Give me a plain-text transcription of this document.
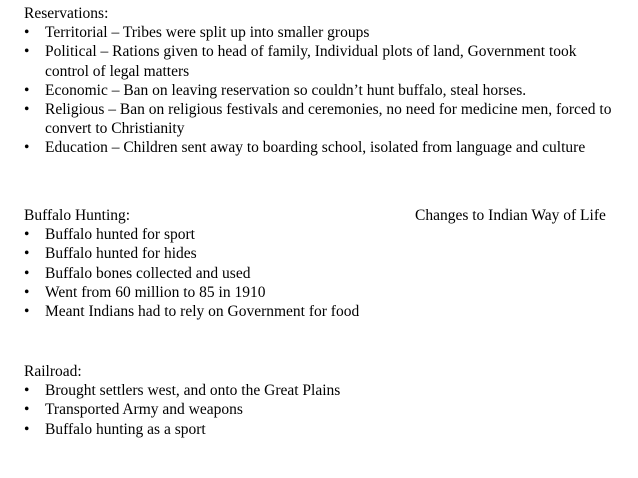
Reservations:
• Territorial – Tribes were split up into smaller groups
• Political – Rations given to head of family, Individual plots of land, Government took control of legal matters
• Economic – Ban on leaving reservation so couldn’t hunt buffalo, steal horses.
• Religious – Ban on religious festivals and ceremonies, no need for medicine men, forced to convert to Christianity
• Education – Children sent away to boarding school, isolated from language and culture
Buffalo Hunting:
• Buffalo hunted for sport
• Buffalo hunted for hides
• Buffalo bones collected and used
• Went from 60 million to 85 in 1910
• Meant Indians had to rely on Government for food
Changes to Indian Way of Life
Railroad:
• Brought settlers west, and onto the Great Plains
• Transported Army and weapons
• Buffalo hunting as a sport
